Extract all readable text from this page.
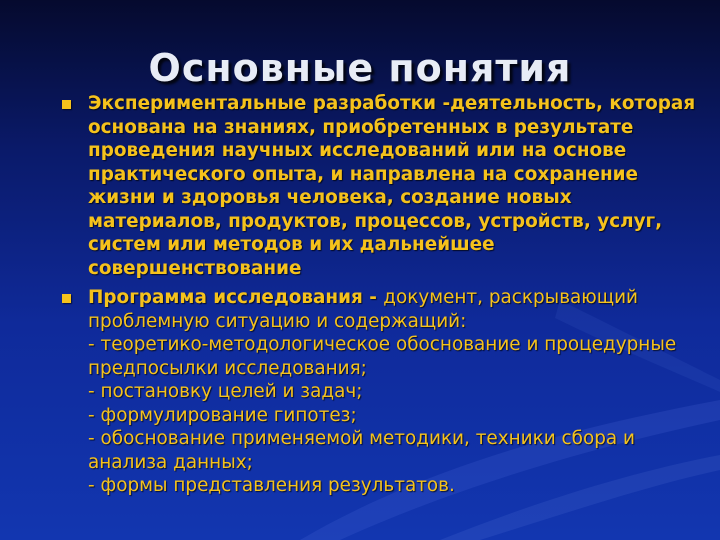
Основные понятия
Экспериментальные разработки -деятельность, которая основана на знаниях, приобретенных в результате проведения научных исследований или на основе практического опыта, и направлена на сохранение жизни и здоровья человека, создание новых материалов, продуктов, процессов, устройств, услуг, систем или методов и их дальнейшее совершенствование
Программа исследования - документ, раскрывающий проблемную ситуацию и содержащий:
- теоретико-методологическое обоснование и процедурные предпосылки исследования;
- постановку целей и задач;
- формулирование гипотез;
- обоснование применяемой методики, техники сбора и анализа данных;
- формы представления результатов.
